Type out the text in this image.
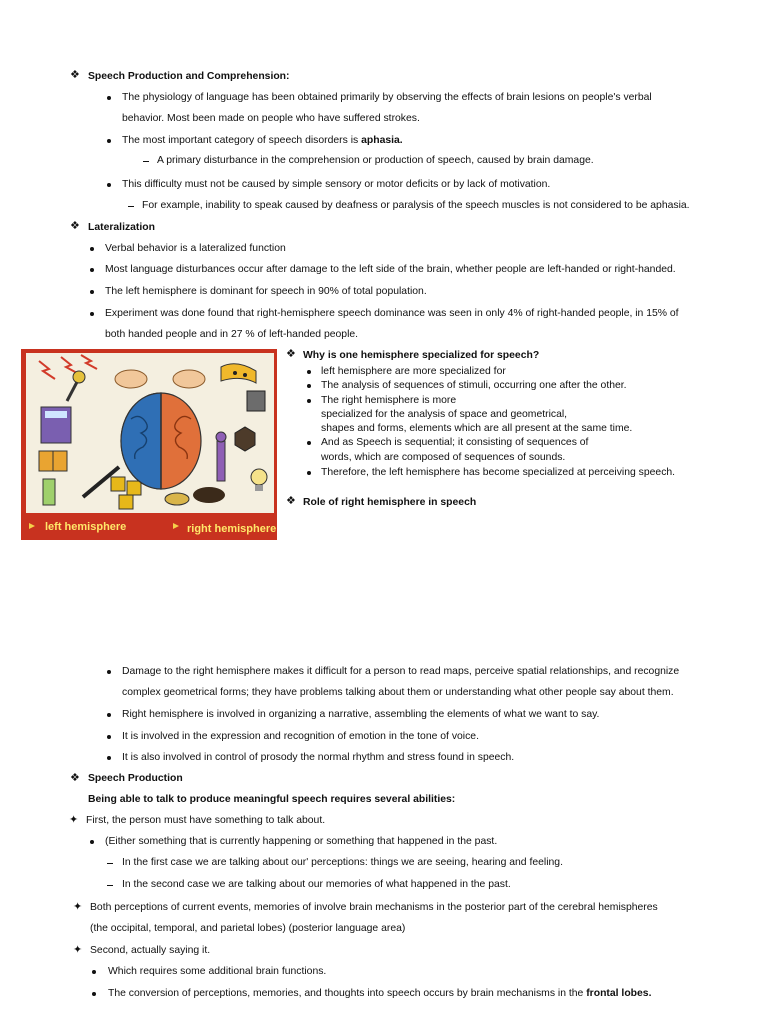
❖ Speech Production and Comprehension:
The physiology of language has been obtained primarily by observing the effects of brain lesions on people's verbal
behavior. Most been made on people who have suffered strokes.
The most important category of speech disorders is aphasia.
A primary disturbance in the comprehension or production of speech, caused by brain damage.
This difficulty must not be caused by simple sensory or motor deficits or by lack of motivation.
For example, inability to speak caused by deafness or paralysis of the speech muscles is not considered to be aphasia.
❖ Lateralization
Verbal behavior is a lateralized function
Most language disturbances occur after damage to the left side of the brain, whether people are left-handed or right-handed.
The left hemisphere is dominant for speech in 90% of total population.
Experiment was done found that right-hemisphere speech dominance was seen in only 4% of right-handed people, in 15% of
both handed people and in 27 % of left-handed people.
left hemisphere	right hemisphere
❖ Why is one hemisphere specialized for speech?
left hemisphere are more specialized for
The analysis of sequences of stimuli, occurring one after the other.
The right hemisphere is more
specialized for the analysis of space and geometrical,
shapes and forms, elements which are all present at the same time.
And as Speech is sequential; it consisting of sequences of
words, which are composed of sequences of sounds.
Therefore, the left hemisphere has become specialized at perceiving speech.
❖ Role of right hemisphere in speech
Damage to the right hemisphere makes it difficult for a person to read maps, perceive spatial relationships, and recognize
complex geometrical forms; they have problems talking about them or understanding what other people say about them.
Right hemisphere is involved in organizing a narrative, assembling the elements of what we want to say.
It is involved in the expression and recognition of emotion in the tone of voice.
It is also involved in control of prosody the normal rhythm and stress found in speech.
❖ Speech Production
Being able to talk to produce meaningful speech requires several abilities:
✦ First, the person must have something to talk about.
(Either something that is currently happening or something that happened in the past.
In the first case we are talking about our' perceptions: things we are seeing, hearing and feeling.
In the second case we are talking about our memories of what happened in the past.
✦ Both perceptions of current events, memories of involve brain mechanisms in the posterior part of the cerebral hemispheres
(the occipital, temporal, and parietal lobes) (posterior language area)
✦ Second, actually saying it.
Which requires some additional brain functions.
The conversion of perceptions, memories, and thoughts into speech occurs by brain mechanisms in the frontal lobes.
